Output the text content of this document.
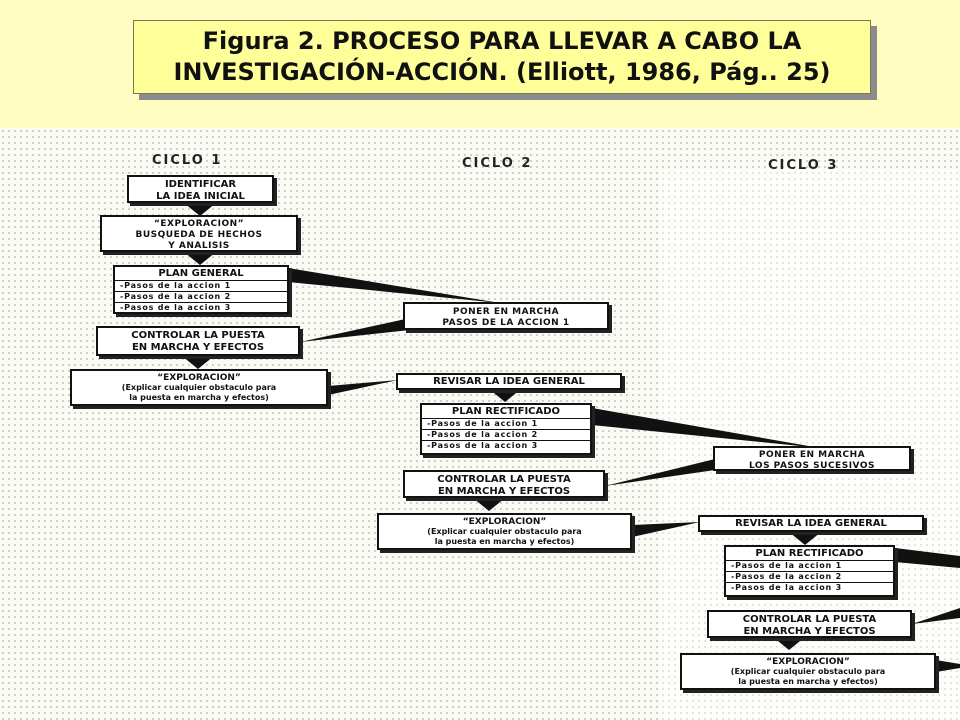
Figura 2. PROCESO PARA LLEVAR A CABO LA
INVESTIGACIÓN-ACCIÓN. (Elliott, 1986, Pág.. 25)
CICLO 1	CICLO 2	CICLO 3
IDENTIFICAR
LA IDEA INICIAL
“EXPLORACION”
BUSQUEDA DE HECHOS
Y ANALISIS
PLAN GENERAL
-Pasos de la accion 1
-Pasos de la accion 2
-Pasos de la accion 3	PONER EN MARCHA
PASOS DE LA ACCION 1
CONTROLAR LA PUESTA
EN MARCHA Y EFECTOS
“EXPLORACION”
(Explicar cualquier obstaculo para
la puesta en marcha y efectos)
REVISAR LA IDEA GENERAL
PLAN RECTIFICADO
-Pasos de la accion 1
-Pasos de la accion 2
-Pasos de la accion 3
PONER EN MARCHA
LOS PASOS SUCESIVOS
CONTROLAR LA PUESTA
EN MARCHA Y EFECTOS
“EXPLORACION”
(Explicar cualquier obstaculo para
la puesta en marcha y efectos)
REVISAR LA IDEA GENERAL
PLAN RECTIFICADO
-Pasos de la accion 1
-Pasos de la accion 2
-Pasos de la accion 3
CONTROLAR LA PUESTA
EN MARCHA Y EFECTOS
“EXPLORACION”
(Explicar cualquier obstaculo para
la puesta en marcha y efectos)
